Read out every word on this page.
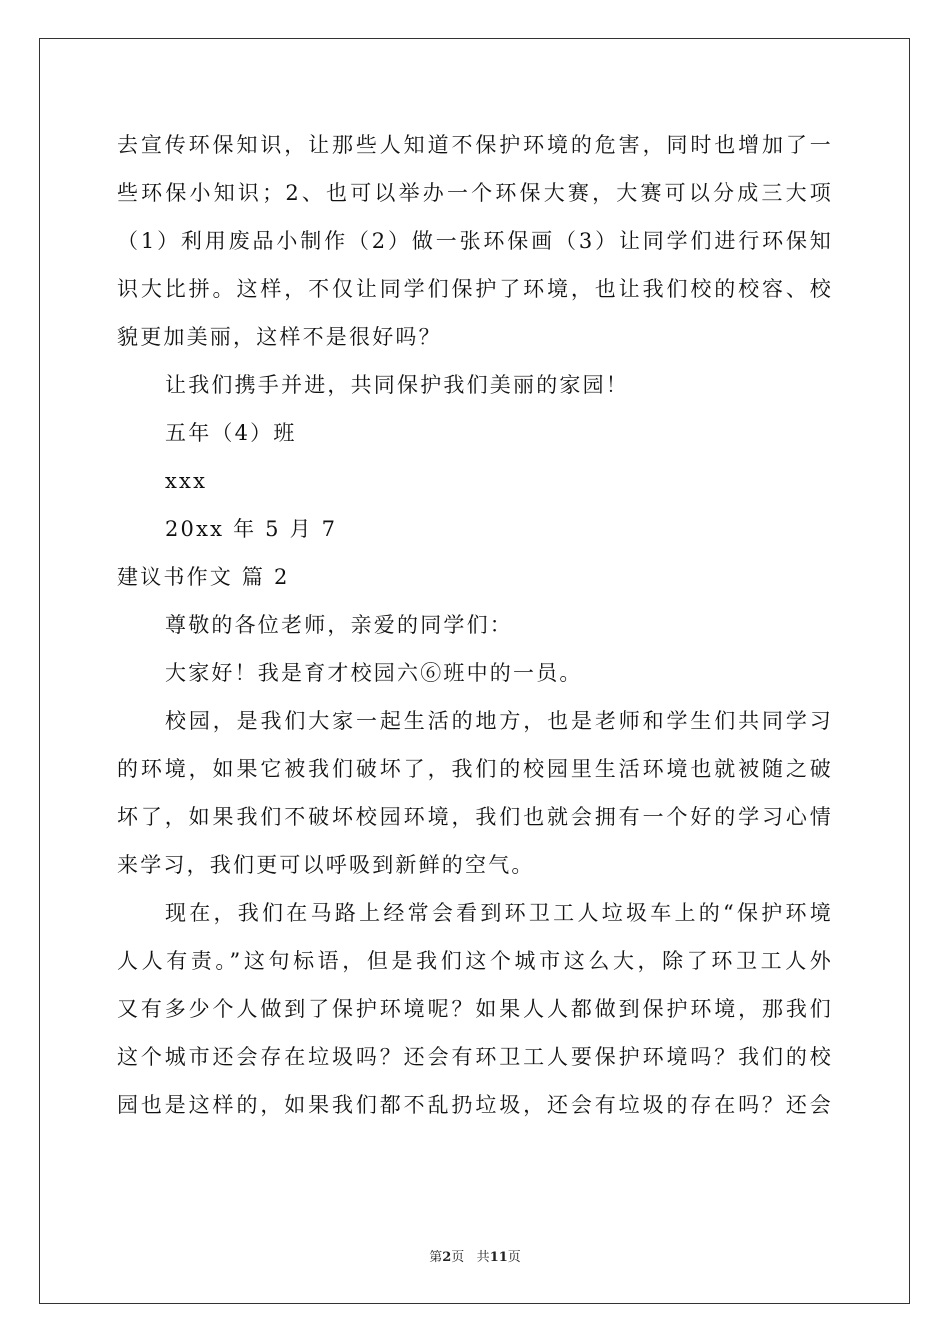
去宣传环保知识，让那些人知道不保护环境的危害，同时也增加了一
些环保小知识；2、也可以举办一个环保大赛，大赛可以分成三大项
（1）利用废品小制作（2）做一张环保画（3）让同学们进行环保知
识大比拼。这样，不仅让同学们保护了环境，也让我们校的校容、校
貌更加美丽，这样不是很好吗？
让我们携手并进，共同保护我们美丽的家园！
五年（4）班
xxx
20xx 年 5 月 7
建议书作文 篇 2
尊敬的各位老师，亲爱的同学们：
大家好！我是育才校园六⑥班中的一员。
校园，是我们大家一起生活的地方，也是老师和学生们共同学习
的环境，如果它被我们破坏了，我们的校园里生活环境也就被随之破
坏了，如果我们不破坏校园环境，我们也就会拥有一个好的学习心情
来学习，我们更可以呼吸到新鲜的空气。
现在，我们在马路上经常会看到环卫工人垃圾车上的“保护环境
人人有责。”这句标语，但是我们这个城市这么大，除了环卫工人外
又有多少个人做到了保护环境呢？如果人人都做到保护环境，那我们
这个城市还会存在垃圾吗？还会有环卫工人要保护环境吗？我们的校
园也是这样的，如果我们都不乱扔垃圾，还会有垃圾的存在吗？还会
第2页 共11页
